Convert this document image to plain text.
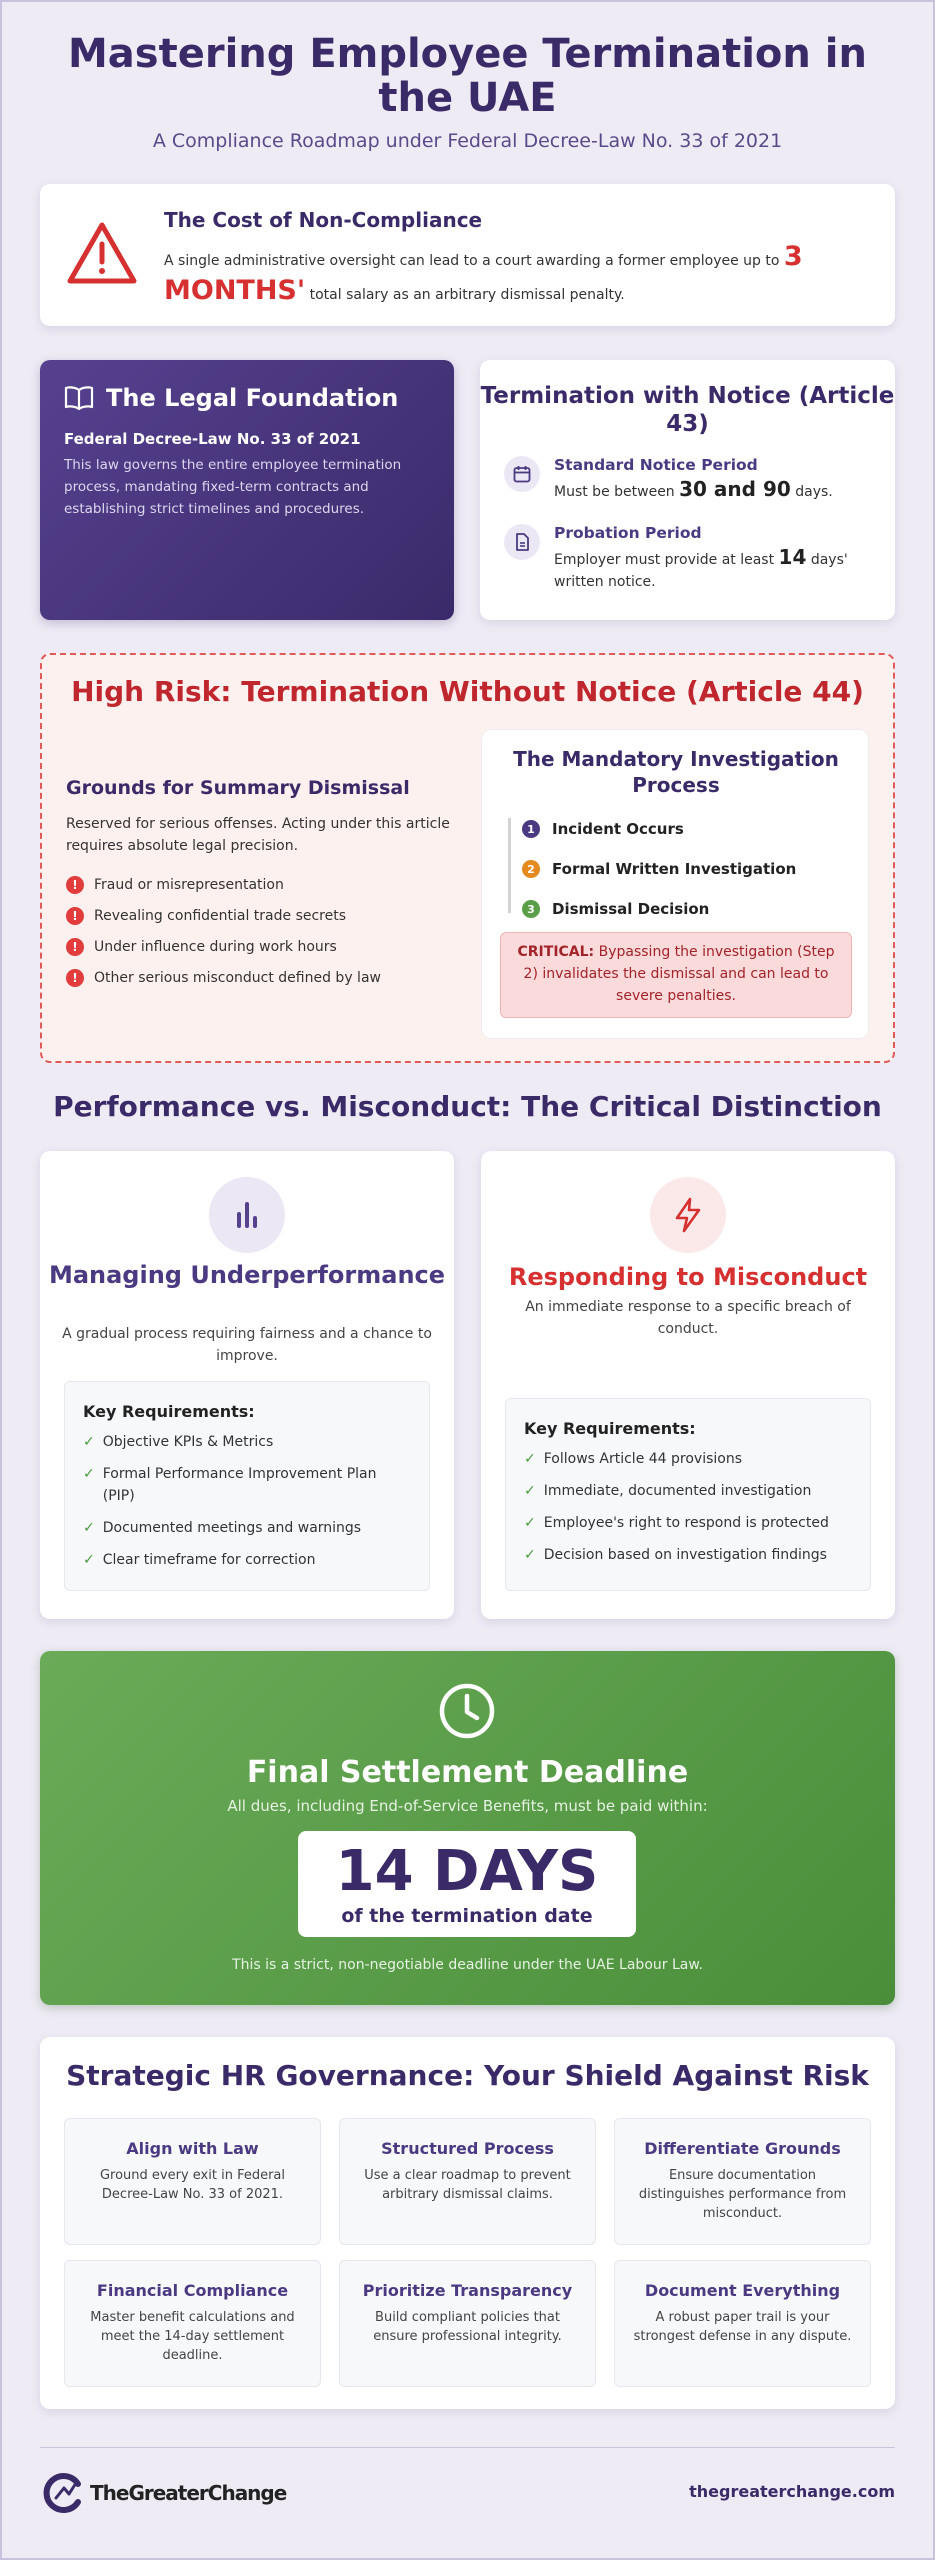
Mastering Employee Termination in the UAE
A Compliance Roadmap under Federal Decree-Law No. 33 of 2021
The Cost of Non-Compliance

A single administrative oversight can lead to a court awarding a former employee up to 3 MONTHS' total salary as an arbitrary dismissal penalty.

The Legal Foundation
Federal Decree-Law No. 33 of 2021
This law governs the entire employee termination process, mandating fixed-term contracts and establishing strict timelines and procedures.
Termination with Notice (Article 43)
Standard Notice Period

Must be between 30 and 90 days.

Probation Period

Employer must provide at least 14 days' written notice.

High Risk: Termination Without Notice (Article 44)
Grounds for Summary Dismissal

Reserved for serious offenses. Acting under this article requires absolute legal precision.

!	Fraud or misrepresentation
!	Revealing confidential trade secrets
!	Under influence during work hours
!	Other serious misconduct defined by law
The Mandatory Investigation Process
1	Incident Occurs
2	Formal Written Investigation
3	Dismissal Decision
CRITICAL: Bypassing the investigation (Step 2) invalidates the dismissal and can lead to severe penalties.
Performance vs. Misconduct: The Critical Distinction
Managing Underperformance

A gradual process requiring fairness and a chance to improve.

Key Requirements:
✓ Objective KPIs & Metrics
✓ Formal Performance Improvement Plan (PIP)
✓ Documented meetings and warnings
✓ Clear timeframe for correction
Responding to Misconduct

An immediate response to a specific breach of conduct.

Key Requirements:
✓ Follows Article 44 provisions
✓ Immediate, documented investigation
✓ Employee's right to respond is protected
✓ Decision based on investigation findings
Final Settlement Deadline
All dues, including End-of-Service Benefits, must be paid within:
14 DAYS
of the termination date
This is a strict, non-negotiable deadline under the UAE Labour Law.
Strategic HR Governance: Your Shield Against Risk
Align with Law

Ground every exit in Federal Decree-Law No. 33 of 2021.

Structured Process

Use a clear roadmap to prevent arbitrary dismissal claims.

Differentiate Grounds

Ensure documentation distinguishes performance from misconduct.

Financial Compliance

Master benefit calculations and meet the 14-day settlement deadline.

Prioritize Transparency

Build compliant policies that ensure professional integrity.

Document Everything

A robust paper trail is your strongest defense in any dispute.

TheGreaterChange	thegreaterchange.com
